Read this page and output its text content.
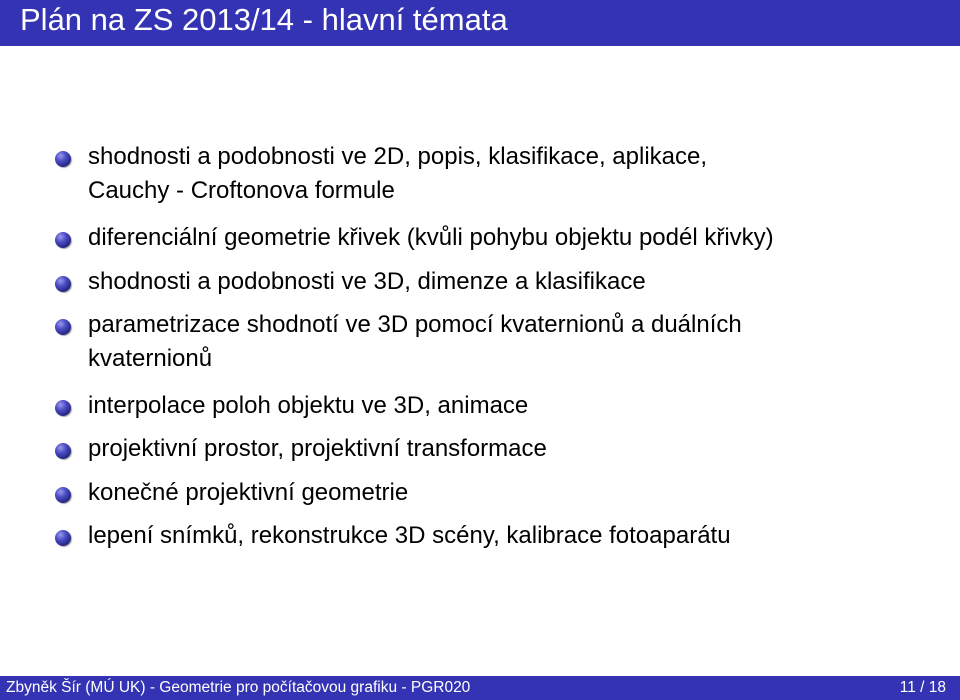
Plán na ZS 2013/14 - hlavní témata
shodnosti a podobnosti ve 2D, popis, klasifikace, aplikace,
Cauchy - Croftonova formule
diferenciální geometrie křivek (kvůli pohybu objektu podél křivky)
shodnosti a podobnosti ve 3D, dimenze a klasifikace
parametrizace shodnotí ve 3D pomocí kvaternionů a duálních
kvaternionů
interpolace poloh objektu ve 3D, animace
projektivní prostor, projektivní transformace
konečné projektivní geometrie
lepení snímků, rekonstrukce 3D scény, kalibrace fotoaparátu
Zbyněk Šír (MÚ UK) - Geometrie pro počítačovou grafiku - PGR020	11 / 18
